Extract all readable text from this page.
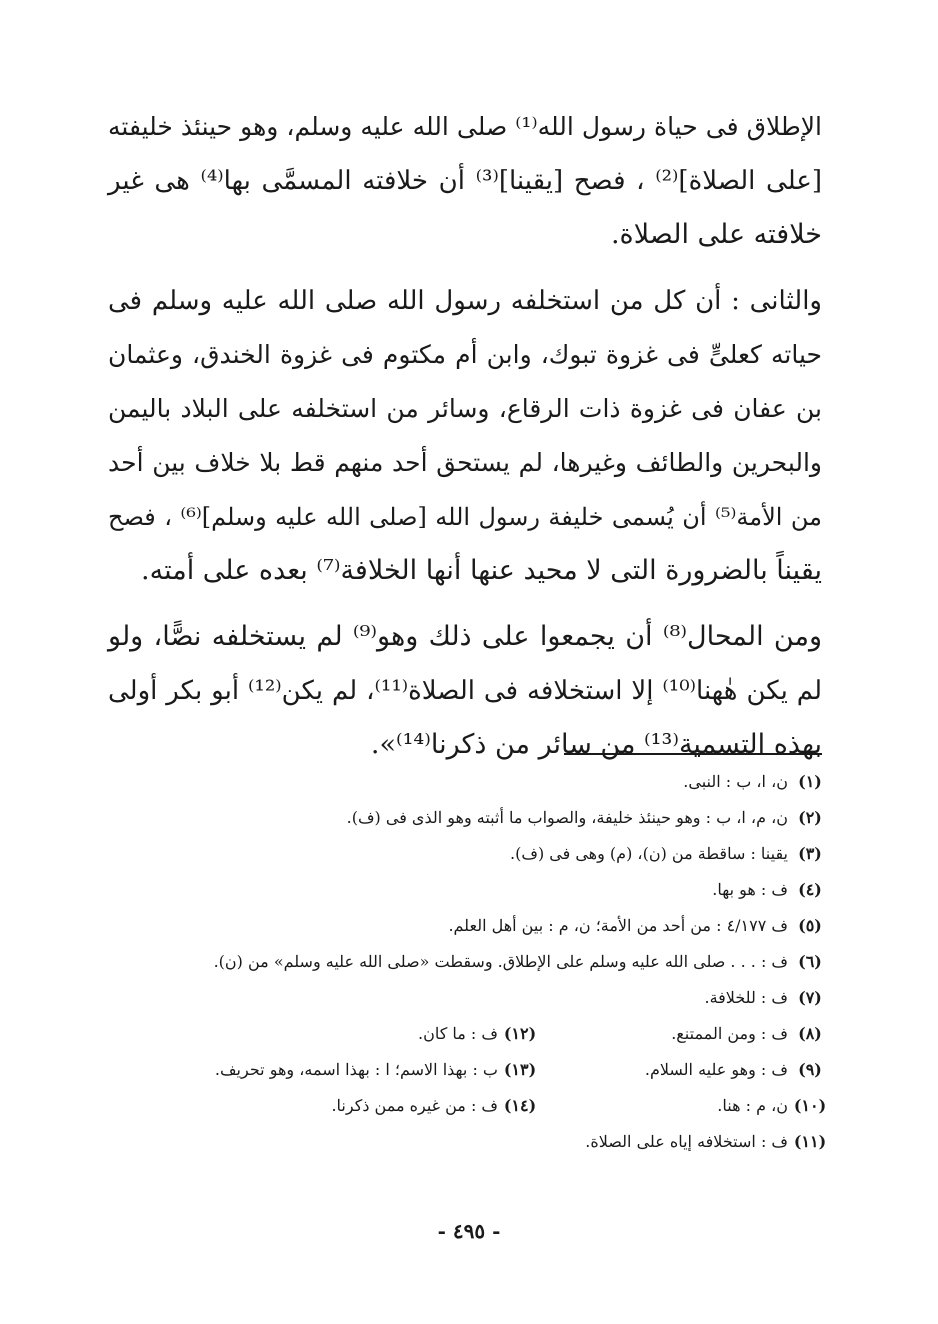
الإطلاق فى حياة رسول الله⁽¹⁾ صلى الله عليه وسلم، وهو حينئذ خليفته
[على الصلاة]⁽²⁾ ، فصح [يقينا]⁽³⁾ أن خلافته المسمَّى بها⁽⁴⁾ هى غير
خلافته على الصلاة.
والثانى : أن كل من استخلفه رسول الله صلى الله عليه وسلم فى
حياته كعلىٍّ فى غزوة تبوك، وابن أم مكتوم فى غزوة الخندق، وعثمان
بن عفان فى غزوة ذات الرقاع، وسائر من استخلفه على البلاد باليمن
والبحرين والطائف وغيرها، لم يستحق أحد منهم قط بلا خلاف بين أحد
من الأمة⁽⁵⁾ أن يُسمى خليفة رسول الله [صلى الله عليه وسلم]⁽⁶⁾ ، فصح
يقيناً بالضرورة التى لا محيد عنها أنها الخلافة⁽⁷⁾ بعده على أمته.
ومن المحال⁽⁸⁾ أن يجمعوا على ذلك وهو⁽⁹⁾ لم يستخلفه نصًّا، ولو
لم يكن هٰهنا⁽¹⁰⁾ إلا استخلافه فى الصلاة⁽¹¹⁾، لم يكن⁽¹²⁾ أبو بكر أولى
بهذه التسمية⁽¹³⁾ من سائر من ذكرنا⁽¹⁴⁾».
(١)
ن، ا، ب : النبى.
(٢)
ن، م، ا، ب : وهو حينئذ خليفة، والصواب ما أثبته وهو الذى فى (ف).
(٣)
يقينا : ساقطة من (ن)، (م) وهى فى (ف).
(٤)
ف : هو بها.
(٥)
ف ٤/١٧٧ : من أحد من الأمة؛ ن، م : بين أهل العلم.
(٦)
ف : . . . صلى الله عليه وسلم على الإطلاق. وسقطت «صلى الله عليه وسلم» من (ن).
(٧)
ف : للخلافة.
(٨)
ف : ومن الممتنع.
(١٢)
ف : ما كان.
(٩)
ف : وهو عليه السلام.
(١٣)
ب : بهذا الاسم؛ ا : بهذا اسمه، وهو تحريف.
(١٠)
ن، م : هنا.
(١٤)
ف : من غيره ممن ذكرنا.
(١١)
ف : استخلافه إياه على الصلاة.
- ٤٩٥ -
